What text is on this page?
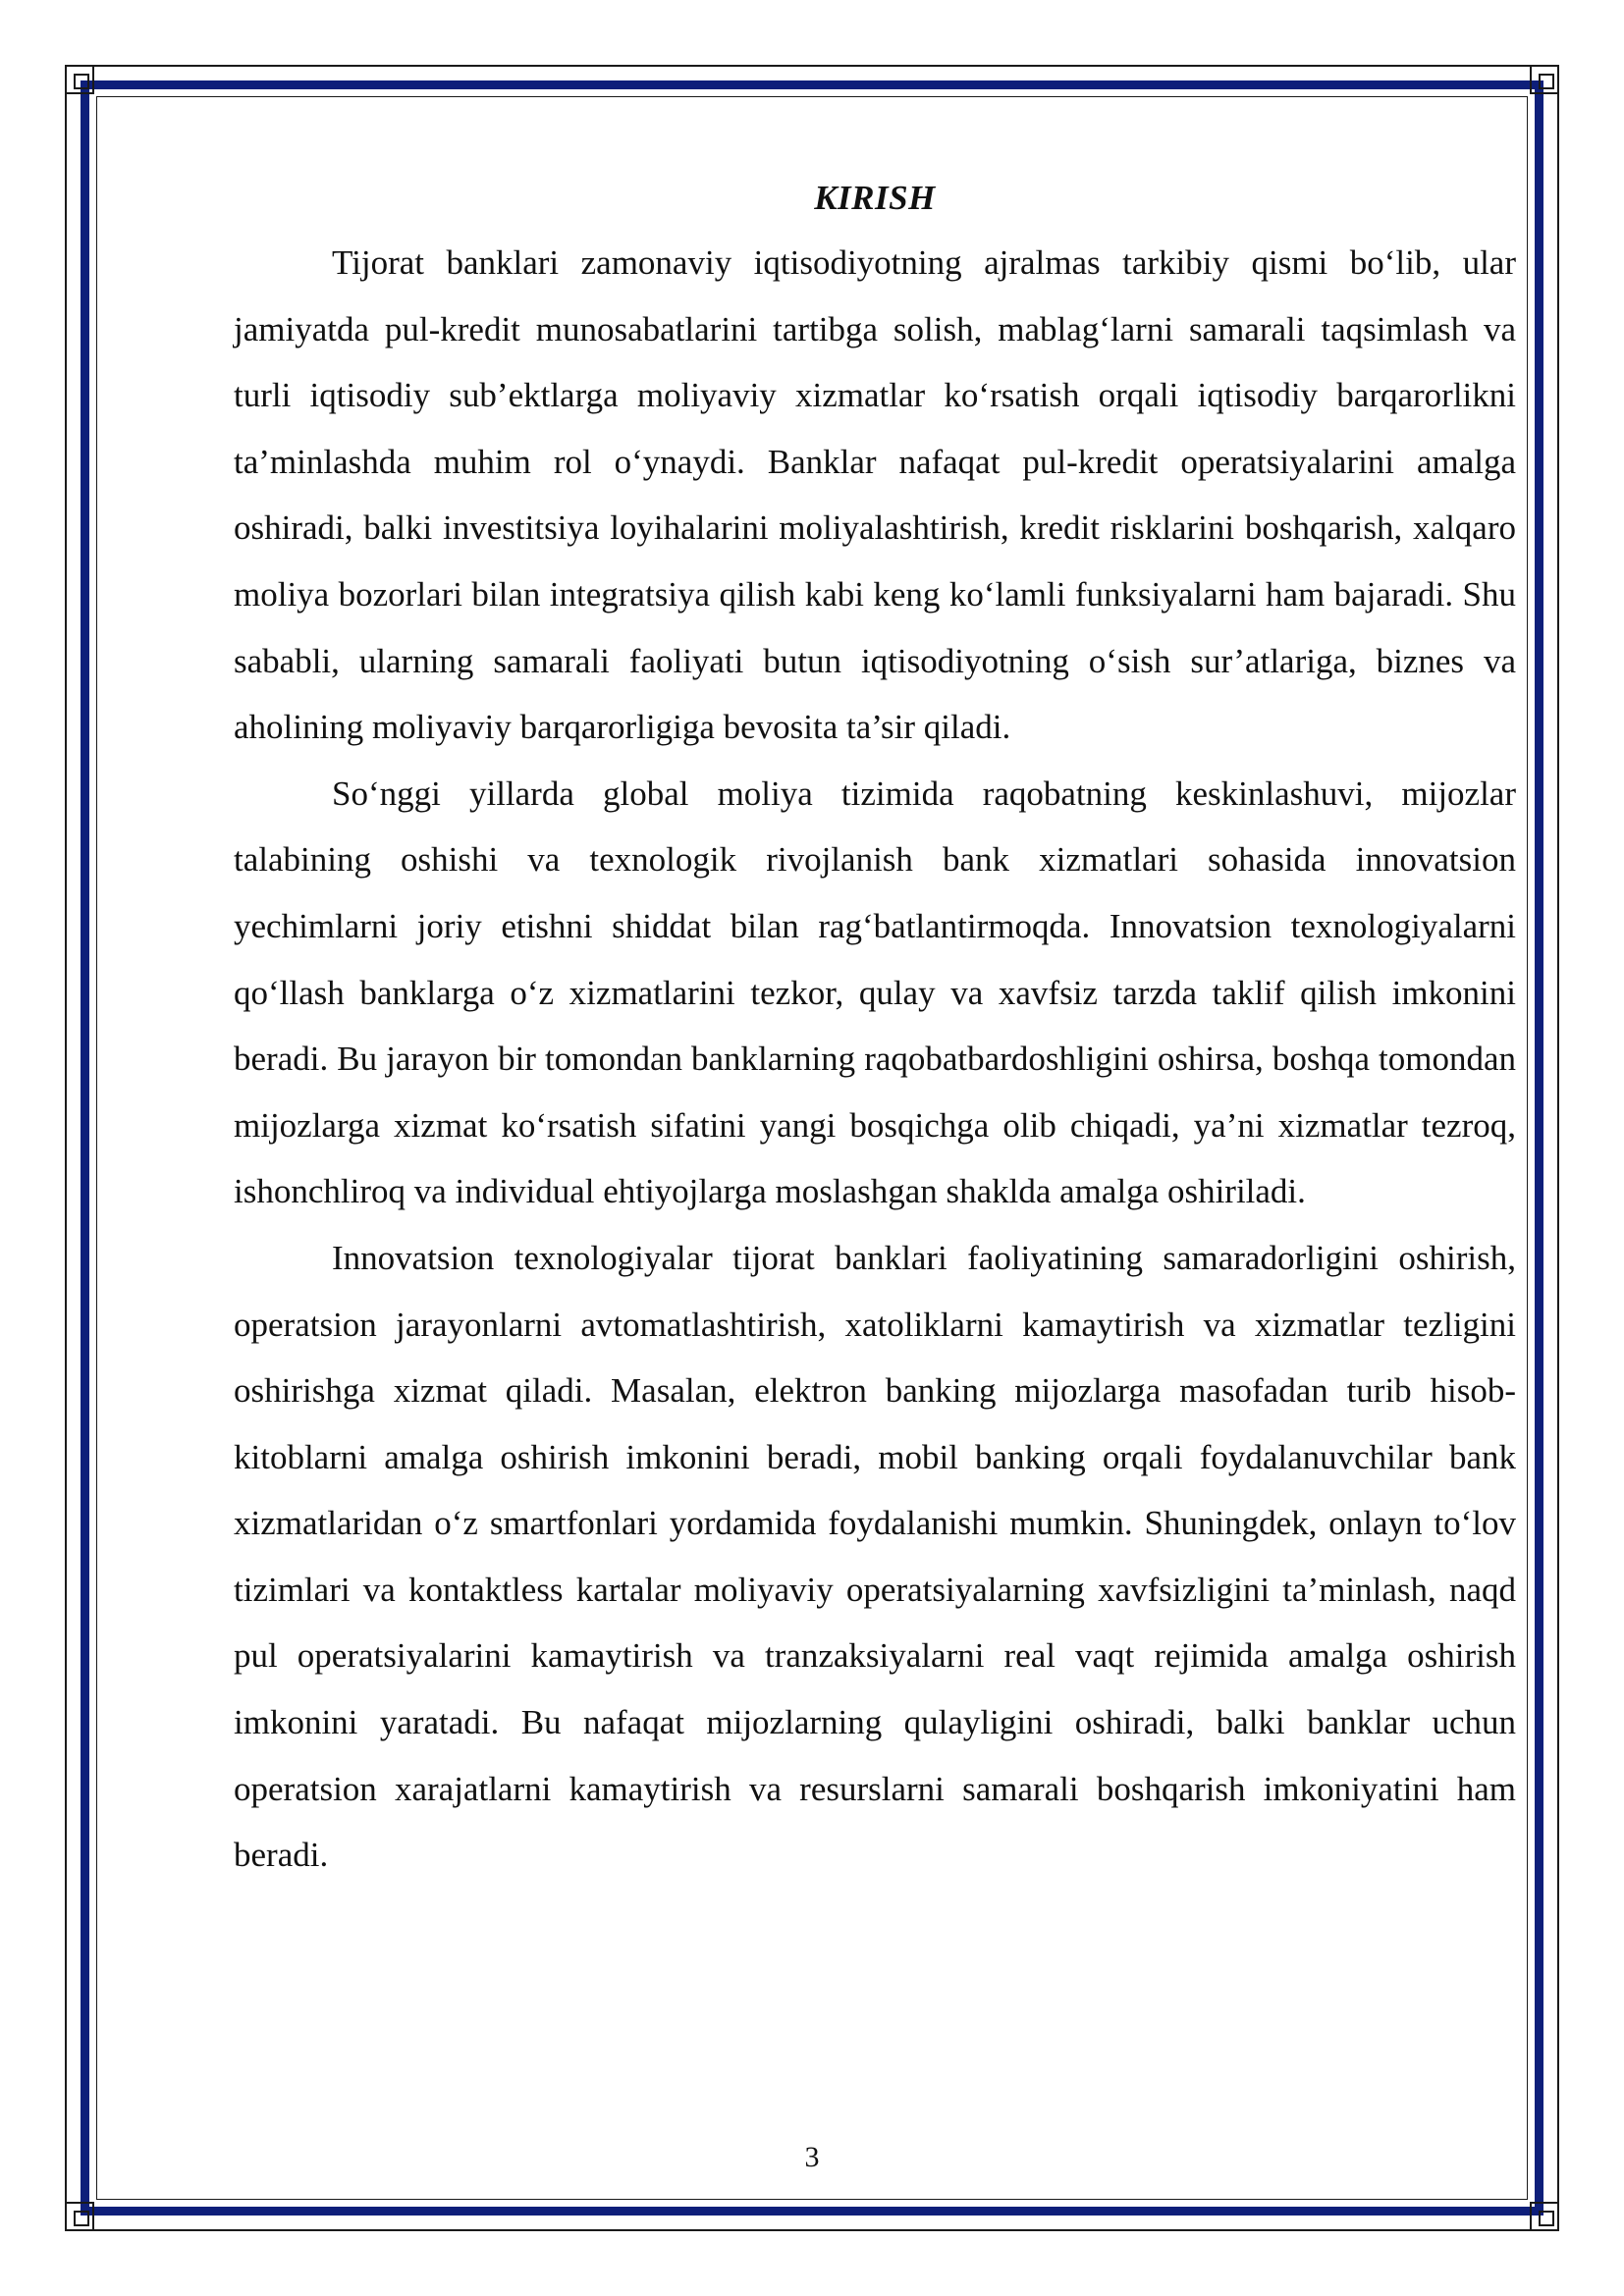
KIRISH

Tijorat banklari zamonaviy iqtisodiyotning ajralmas tarkibiy qismi bo‘lib, ular jamiyatda pul-kredit munosabatlarini tartibga solish, mablag‘larni samarali taqsimlash va turli iqtisodiy sub’ektlarga moliyaviy xizmatlar ko‘rsatish orqali iqtisodiy barqarorlikni ta’minlashda muhim rol o‘ynaydi. Banklar nafaqat pul-kredit operatsiyalarini amalga oshiradi, balki investitsiya loyihalarini moliyalashtirish, kredit risklarini boshqarish, xalqaro moliya bozorlari bilan integratsiya qilish kabi keng ko‘lamli funksiyalarni ham bajaradi. Shu sababli, ularning samarali faoliyati butun iqtisodiyotning o‘sish sur’atlariga, biznes va aholining moliyaviy barqarorligiga bevosita ta’sir qiladi.

So‘nggi yillarda global moliya tizimida raqobatning keskinlashuvi, mijozlar talabining oshishi va texnologik rivojlanish bank xizmatlari sohasida innovatsion yechimlarni joriy etishni shiddat bilan rag‘batlantirmoqda. Innovatsion texnologiyalarni qo‘llash banklarga o‘z xizmatlarini tezkor, qulay va xavfsiz tarzda taklif qilish imkonini beradi. Bu jarayon bir tomondan banklarning raqobatbardoshligini oshirsa, boshqa tomondan mijozlarga xizmat ko‘rsatish sifatini yangi bosqichga olib chiqadi, ya’ni xizmatlar tezroq, ishonchliroq va individual ehtiyojlarga moslashgan shaklda amalga oshiriladi.

Innovatsion texnologiyalar tijorat banklari faoliyatining samaradorligini oshirish, operatsion jarayonlarni avtomatlashtirish, xatoliklarni kamaytirish va xizmatlar tezligini oshirishga xizmat qiladi. Masalan, elektron banking mijozlarga masofadan turib hisob-kitoblarni amalga oshirish imkonini beradi, mobil banking orqali foydalanuvchilar bank xizmatlaridan o‘z smartfonlari yordamida foydalanishi mumkin. Shuningdek, onlayn to‘lov tizimlari va kontaktless kartalar moliyaviy operatsiyalarning xavfsizligini ta’minlash, naqd pul operatsiyalarini kamaytirish va tranzaksiyalarni real vaqt rejimida amalga oshirish imkonini yaratadi. Bu nafaqat mijozlarning qulayligini oshiradi, balki banklar uchun operatsion xarajatlarni kamaytirish va resurslarni samarali boshqarish imkoniyatini ham beradi.

3
